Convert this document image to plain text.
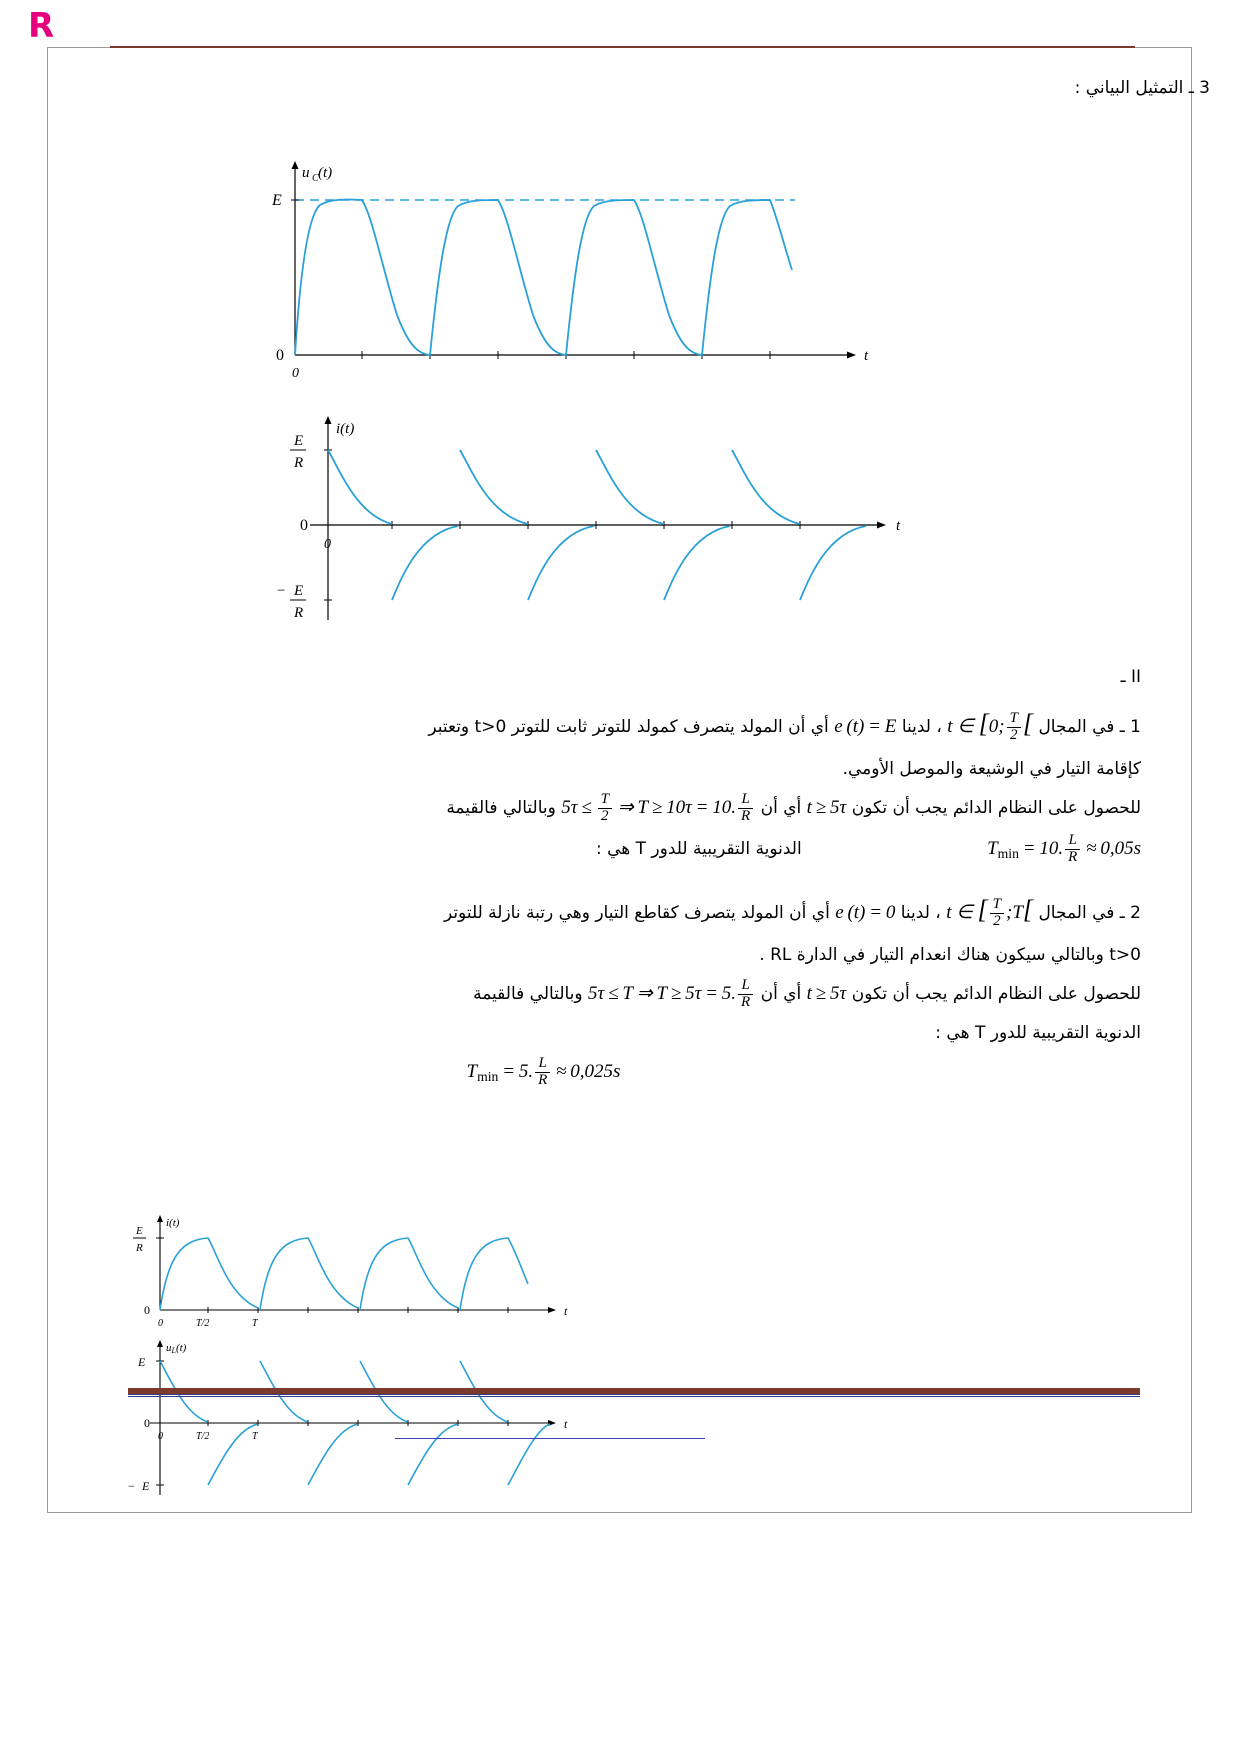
R
3 ـ التمثيل البياني :
u C (t)
E
0
0
t
i(t)
E
R
− E
R
0
0
t

II ـ

1 ـ في المجال t ∈ [0; $\frac{T}{2}$ [ ، لدينا e (t) = E أي أن المولد يتصرف كمولد للتوتر ثابت للتوتر t>0 وتعتبر

كإقامة التيار في الوشيعة والموصل الأومي.

للحصول على النظام الدائم يجب أن تكون t ≥ 5τ أي أن $5\tau \le \frac{T}{2}$  ⇒ T ≥ 10τ = 10. $\frac{L}{R}$
وبالتالي فالقيمة

$T_{min} = 10$. $\frac{L}{R} \approx 0,05s$ الدنوية التقريبية للدور T هي :

2 ـ في المجال t ∈ [ $\frac{T}{2}$ ;T[ ، لدينا e (t) = 0 أي أن المولد يتصرف كقاطع التيار وهي رتبة نازلة للتوتر

t>0 وبالتالي سيكون هناك انعدام التيار في الدارة RL .

للحصول على النظام الدائم يجب أن تكون t ≥ 5τ أي أن 5τ ≤ T ⇒ T ≥ 5τ = 5. $\frac{L}{R}$
وبالتالي فالقيمة

الدنوية التقريبية للدور T هي :

$T_{min} = 5$. $\frac{L}{R} \approx 0,025s$

i(t)
E
R
0
0	T/2	T
t
uL(t)
E
0
− E
0	T/2	T
t
